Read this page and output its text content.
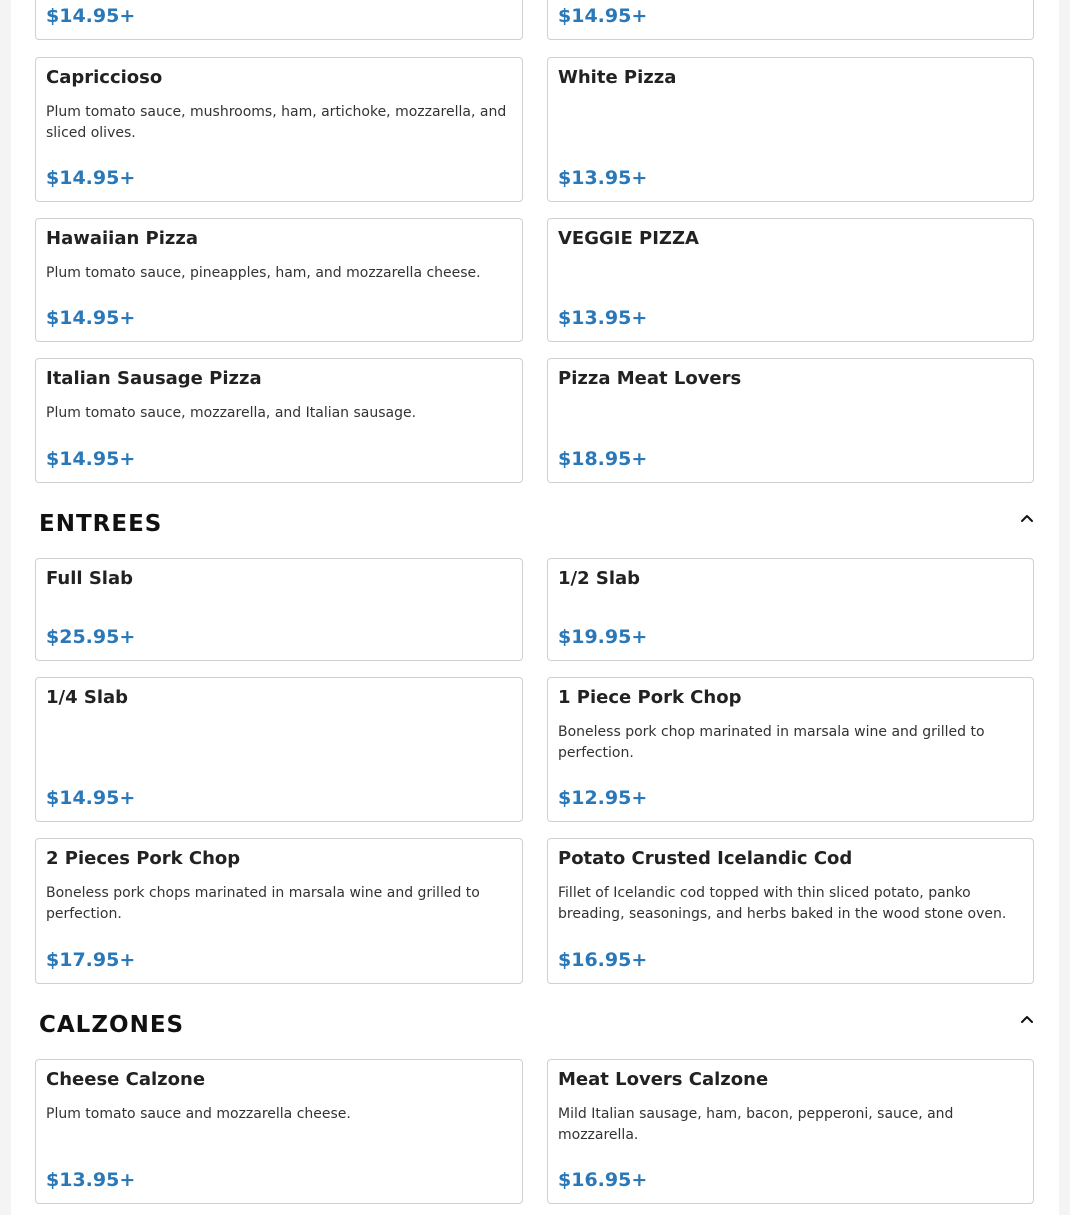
$14.95+	$14.95+
Capriccioso
Plum tomato sauce, mushrooms, ham, artichoke, mozzarella, and sliced olives.
$14.95+
White Pizza
$13.95+
Hawaiian Pizza
Plum tomato sauce, pineapples, ham, and mozzarella cheese.
$14.95+
VEGGIE PIZZA
$13.95+
Italian Sausage Pizza
Plum tomato sauce, mozzarella, and Italian sausage.
$14.95+
Pizza Meat Lovers
$18.95+
ENTREES
Full Slab
$25.95+
1/2 Slab
$19.95+
1/4 Slab
$14.95+
1 Piece Pork Chop
Boneless pork chop marinated in marsala wine and grilled to perfection.
$12.95+
2 Pieces Pork Chop
Boneless pork chops marinated in marsala wine and grilled to perfection.
$17.95+
Potato Crusted Icelandic Cod
Fillet of Icelandic cod topped with thin sliced potato, panko breading, seasonings, and herbs baked in the wood stone oven.
$16.95+
CALZONES
Cheese Calzone
Plum tomato sauce and mozzarella cheese.
$13.95+
Meat Lovers Calzone
Mild Italian sausage, ham, bacon, pepperoni, sauce, and mozzarella.
$16.95+
